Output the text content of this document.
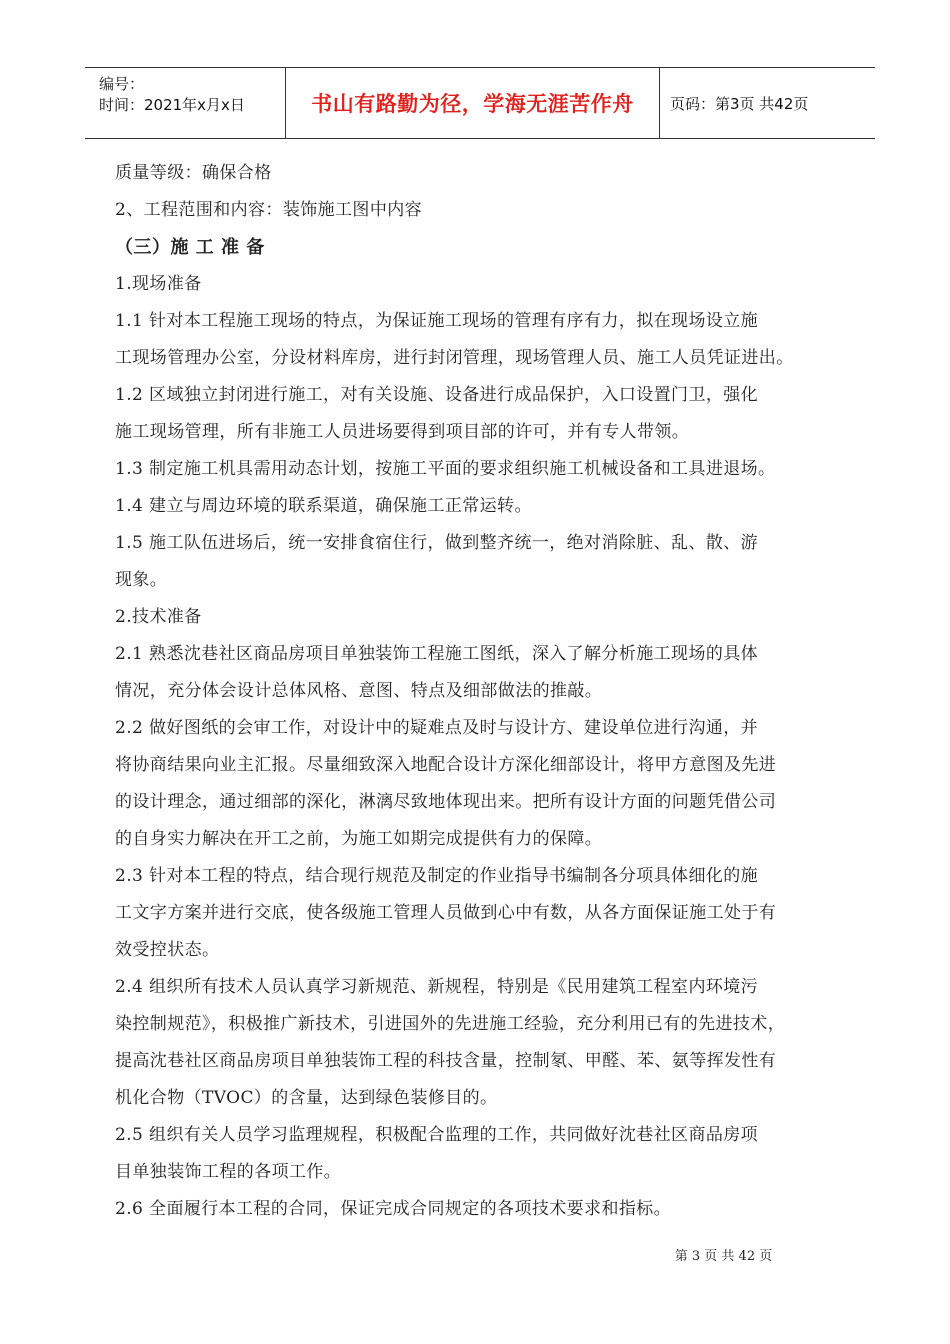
编号：
时间：2021年x月x日	书山有路勤为径，学海无涯苦作舟	页码：第3页 共42页
质量等级：确保合格
2、工程范围和内容：装饰施工图中内容
（三）施 工 准 备
1.现场准备
1.1 针对本工程施工现场的特点，为保证施工现场的管理有序有力，拟在现场设立施
工现场管理办公室，分设材料库房，进行封闭管理，现场管理人员、施工人员凭证进出。
1.2 区域独立封闭进行施工，对有关设施、设备进行成品保护，入口设置门卫，强化
施工现场管理，所有非施工人员进场要得到项目部的许可，并有专人带领。
1.3 制定施工机具需用动态计划，按施工平面的要求组织施工机械设备和工具进退场。
1.4 建立与周边环境的联系渠道，确保施工正常运转。
1.5 施工队伍进场后，统一安排食宿住行，做到整齐统一，绝对消除脏、乱、散、游
现象。
2.技术准备
2.1 熟悉沈巷社区商品房项目单独装饰工程施工图纸，深入了解分析施工现场的具体
情况，充分体会设计总体风格、意图、特点及细部做法的推敲。
2.2 做好图纸的会审工作，对设计中的疑难点及时与设计方、建设单位进行沟通，并
将协商结果向业主汇报。尽量细致深入地配合设计方深化细部设计，将甲方意图及先进
的设计理念，通过细部的深化，淋漓尽致地体现出来。把所有设计方面的问题凭借公司
的自身实力解决在开工之前，为施工如期完成提供有力的保障。
2.3 针对本工程的特点，结合现行规范及制定的作业指导书编制各分项具体细化的施
工文字方案并进行交底，使各级施工管理人员做到心中有数，从各方面保证施工处于有
效受控状态。
2.4 组织所有技术人员认真学习新规范、新规程，特别是《民用建筑工程室内环境污
染控制规范》，积极推广新技术，引进国外的先进施工经验，充分利用已有的先进技术，
提高沈巷社区商品房项目单独装饰工程的科技含量，控制氡、甲醛、苯、氨等挥发性有
机化合物（TVOC）的含量，达到绿色装修目的。
2.5 组织有关人员学习监理规程，积极配合监理的工作，共同做好沈巷社区商品房项
目单独装饰工程的各项工作。
2.6 全面履行本工程的合同，保证完成合同规定的各项技术要求和指标。
第 3 页 共 42 页
